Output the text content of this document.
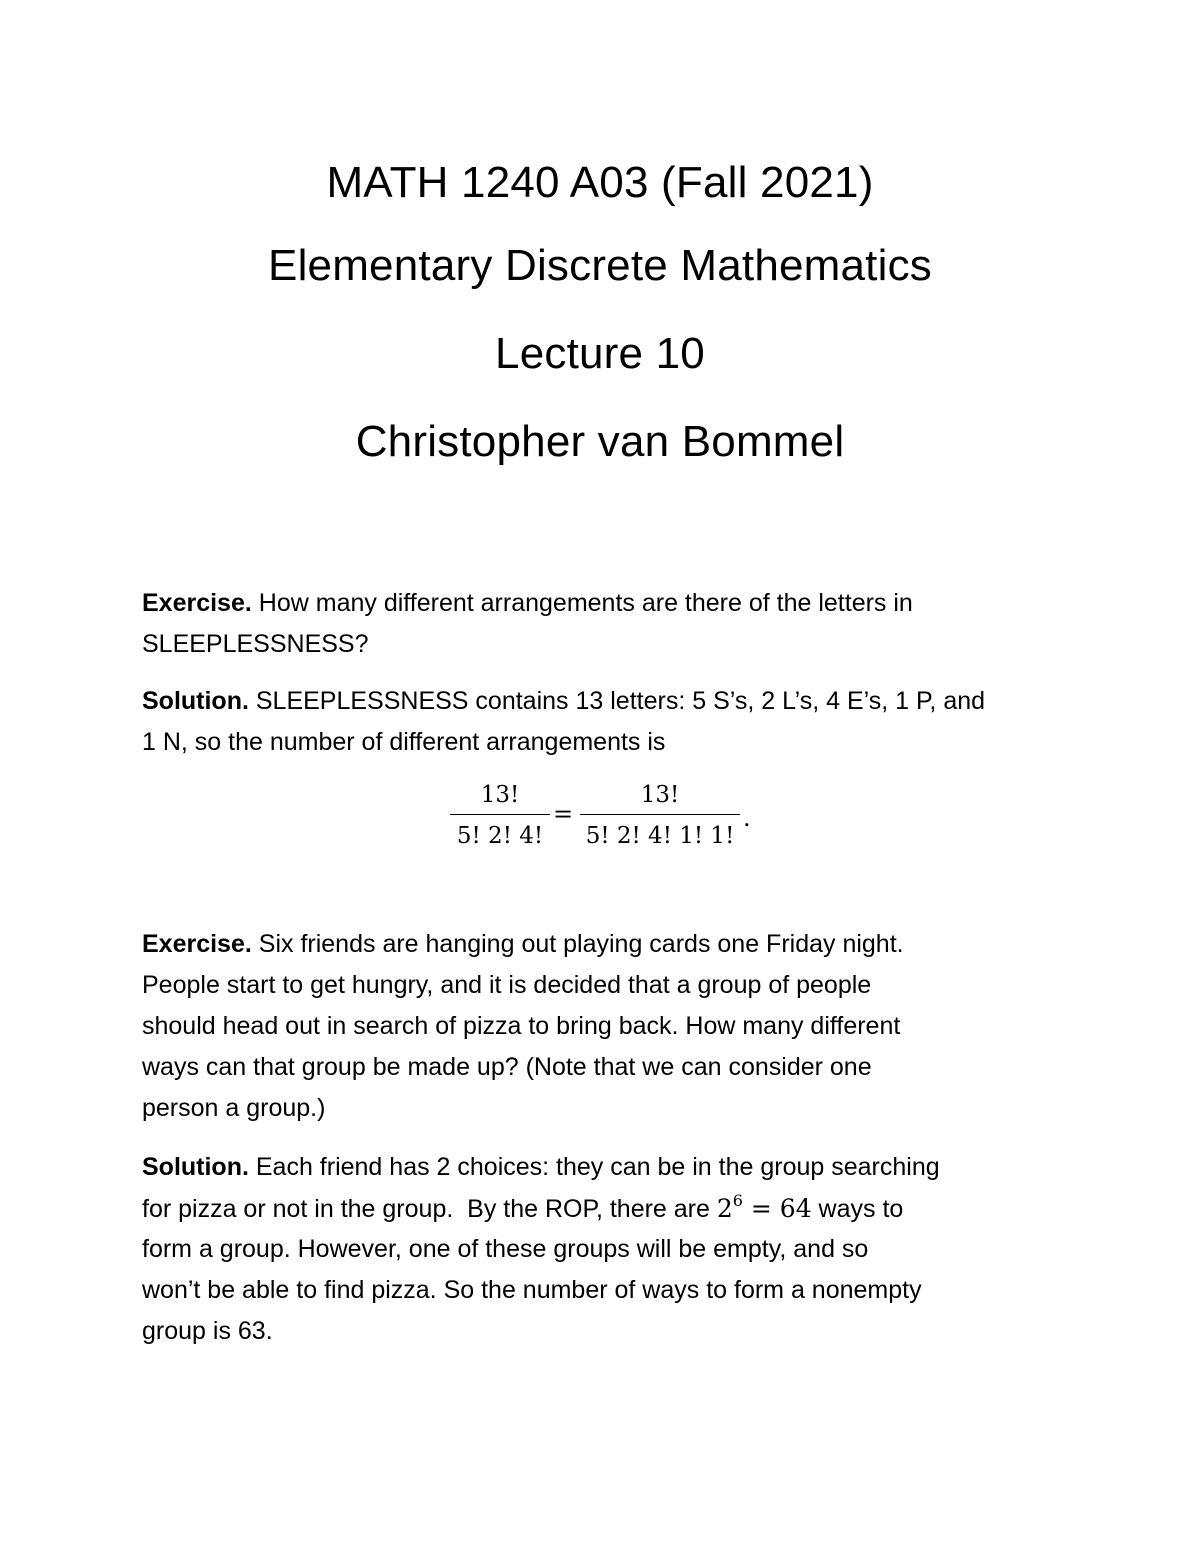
MATH 1240 A03 (Fall 2021)
Elementary Discrete Mathematics
Lecture 10
Christopher van Bommel
Exercise. How many different arrangements are there of the letters in
SLEEPLESSNESS?
Solution. SLEEPLESSNESS contains 13 letters: 5 S’s, 2 L’s, 4 E’s, 1 P, and
1 N, so the number of different arrangements is
13!
5! 2! 4!
=
13!
5! 2! 4! 1! 1!
.
Exercise. Six friends are hanging out playing cards one Friday night.
People start to get hungry, and it is decided that a group of people
should head out in search of pizza to bring back. How many different
ways can that group be made up? (Note that we can consider one
person a group.)
Solution. Each friend has 2 choices: they can be in the group searching
for pizza or not in the group.  By the ROP, there are $2^6 = 64$ ways to
form a group. However, one of these groups will be empty, and so
won’t be able to find pizza. So the number of ways to form a nonempty
group is 63.
